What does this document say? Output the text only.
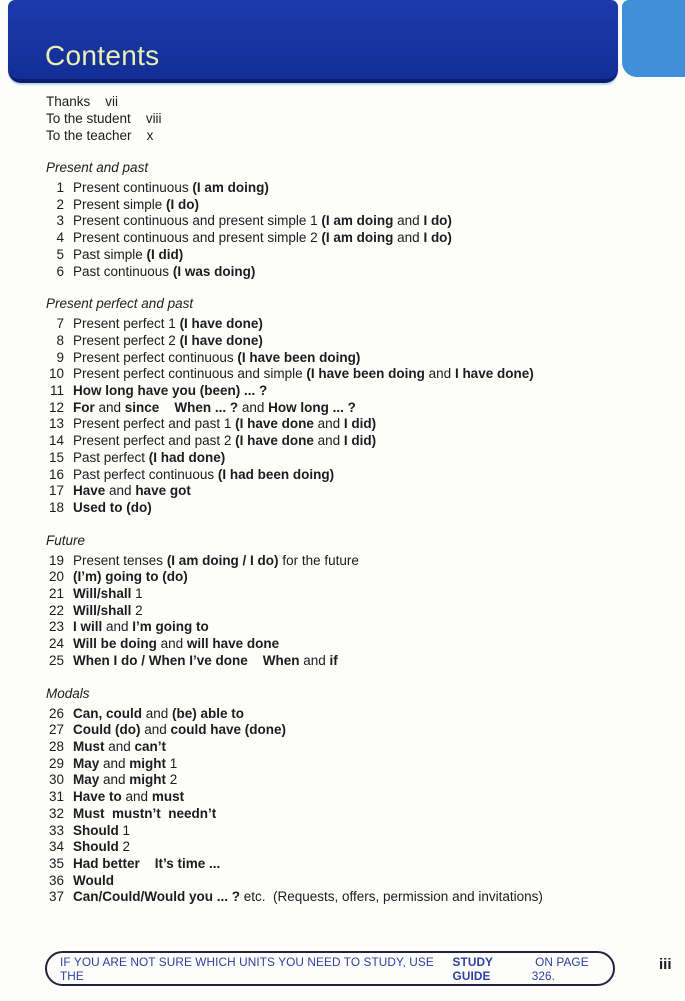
Contents
Thanks vii
To the student viii
To the teacher x
Present and past
1 Present continuous (I am doing)
2 Present simple (I do)
3 Present continuous and present simple 1 (I am doing and I do)
4 Present continuous and present simple 2 (I am doing and I do)
5 Past simple (I did)
6 Past continuous (I was doing)
Present perfect and past
7 Present perfect 1 (I have done)
8 Present perfect 2 (I have done)
9 Present perfect continuous (I have been doing)
10 Present perfect continuous and simple (I have been doing and I have done)
11 How long have you (been) ... ?
12 For and since When ... ? and How long ... ?
13 Present perfect and past 1 (I have done and I did)
14 Present perfect and past 2 (I have done and I did)
15 Past perfect (I had done)
16 Past perfect continuous (I had been doing)
17 Have and have got
18 Used to (do)
Future
19 Present tenses (I am doing / I do) for the future
20 (I’m) going to (do)
21 Will/shall 1
22 Will/shall 2
23 I will and I’m going to
24 Will be doing and will have done
25 When I do / When I’ve done When and if
Modals
26 Can, could and (be) able to
27 Could (do) and could have (done)
28 Must and can’t
29 May and might 1
30 May and might 2
31 Have to and must
32 Must  mustn’t  needn’t
33 Should 1
34 Should 2
35 Had better It’s time ...
36 Would
37 Can/Could/Would you ... ? etc.  (Requests, offers, permission and invitations)
IF YOU ARE NOT SURE WHICH UNITS YOU NEED TO STUDY, USE THE
STUDY GUIDE
ON PAGE 326.
iii
